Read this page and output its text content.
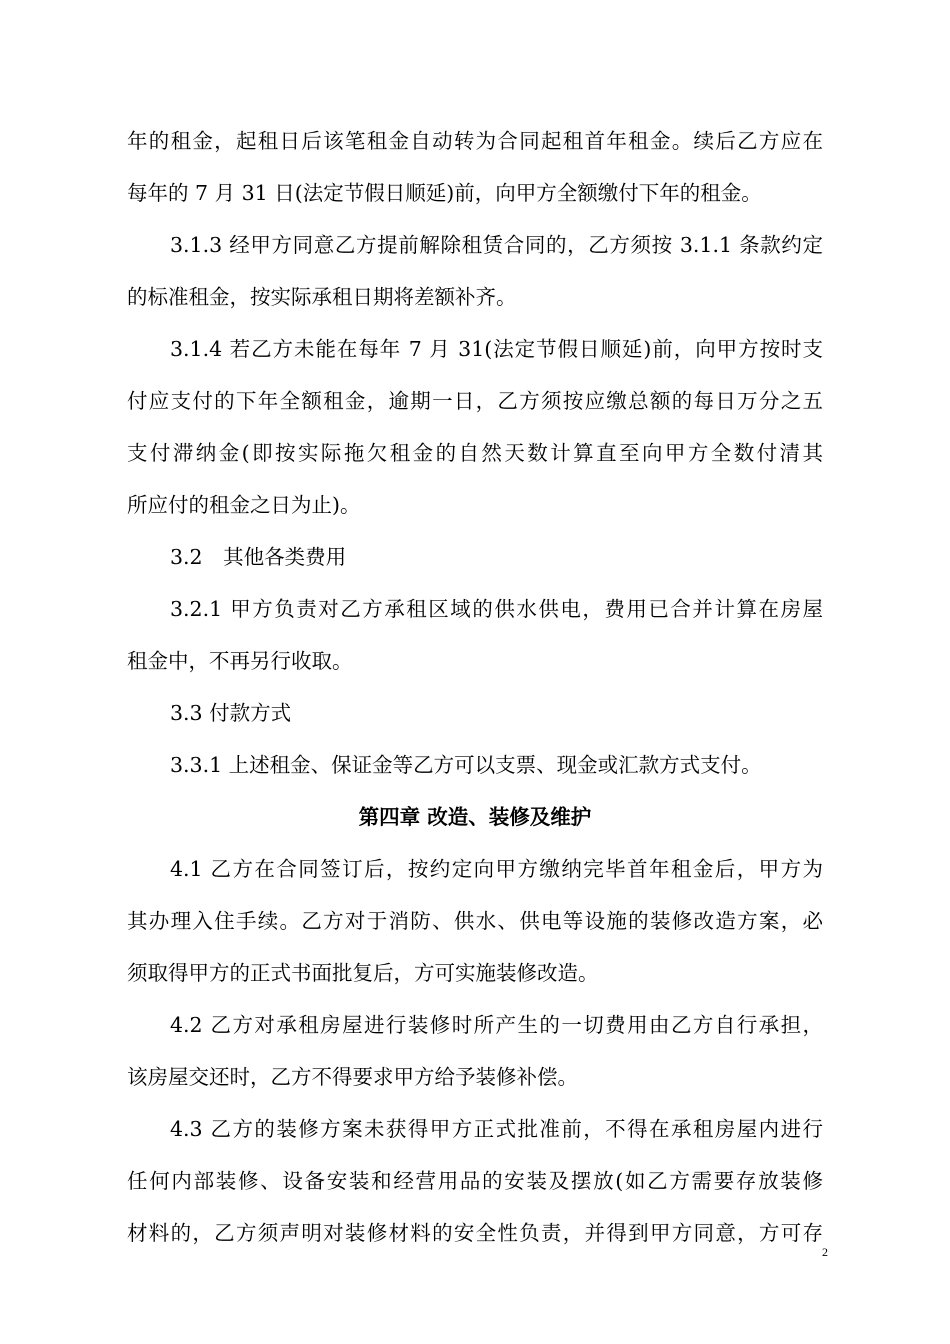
年的租金，起租日后该笔租金自动转为合同起租首年租金。续后乙方应在
每年的 7 月 31 日(法定节假日顺延)前，向甲方全额缴付下年的租金。
3.1.3 经甲方同意乙方提前解除租赁合同的，乙方须按 3.1.1 条款约定
的标准租金，按实际承租日期将差额补齐。
3.1.4 若乙方未能在每年 7 月 31(法定节假日顺延)前，向甲方按时支
付应支付的下年全额租金，逾期一日，乙方须按应缴总额的每日万分之五
支付滞纳金(即按实际拖欠租金的自然天数计算直至向甲方全数付清其
所应付的租金之日为止)。
3.2　其他各类费用
3.2.1 甲方负责对乙方承租区域的供水供电，费用已合并计算在房屋
租金中，不再另行收取。
3.3 付款方式
3.3.1 上述租金、保证金等乙方可以支票、现金或汇款方式支付。
第四章 改造、装修及维护
4.1 乙方在合同签订后，按约定向甲方缴纳完毕首年租金后，甲方为
其办理入住手续。乙方对于消防、供水、供电等设施的装修改造方案，必
须取得甲方的正式书面批复后，方可实施装修改造。
4.2 乙方对承租房屋进行装修时所产生的一切费用由乙方自行承担，
该房屋交还时，乙方不得要求甲方给予装修补偿。
4.3 乙方的装修方案未获得甲方正式批准前，不得在承租房屋内进行
任何内部装修、设备安装和经营用品的安装及摆放(如乙方需要存放装修
材料的，乙方须声明对装修材料的安全性负责，并得到甲方同意，方可存
2
